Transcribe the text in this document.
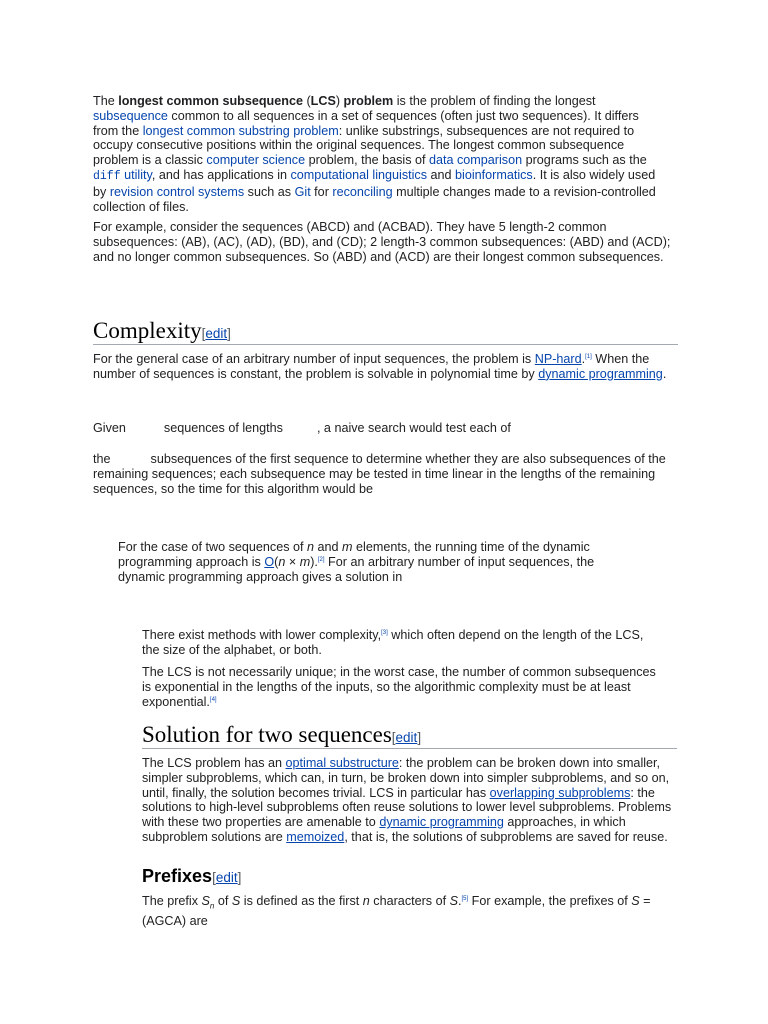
The longest common subsequence (LCS) problem is the problem of finding the longest subsequence common to all sequences in a set of sequences (often just two sequences). It differs from the longest common substring problem: unlike substrings, subsequences are not required to occupy consecutive positions within the original sequences. The longest common subsequence problem is a classic computer science problem, the basis of data comparison programs such as the diff utility, and has applications in computational linguistics and bioinformatics. It is also widely used by revision control systems such as Git for reconciling multiple changes made to a revision-controlled collection of files.

For example, consider the sequences (ABCD) and (ACBAD). They have 5 length-2 common subsequences: (AB), (AC), (AD), (BD), and (CD); 2 length-3 common subsequences: (ABD) and (ACD); and no longer common subsequences. So (ABD) and (ACD) are their longest common subsequences.

Complexity[edit]

For the general case of an arbitrary number of input sequences, the problem is NP-hard.[1] When the number of sequences is constant, the problem is solvable in polynomial time by dynamic programming.

Given	sequences of lengths	, a naive search would test each of

the	subsequences of the first sequence to determine whether they are also subsequences of the remaining sequences; each subsequence may be tested in time linear in the lengths of the remaining sequences, so the time for this algorithm would be

For the case of two sequences of n and m elements, the running time of the dynamic programming approach is O(n × m).[2] For an arbitrary number of input sequences, the dynamic programming approach gives a solution in

There exist methods with lower complexity,[3] which often depend on the length of the LCS, the size of the alphabet, or both.

The LCS is not necessarily unique; in the worst case, the number of common subsequences is exponential in the lengths of the inputs, so the algorithmic complexity must be at least exponential.[4]

Solution for two sequences[edit]

The LCS problem has an optimal substructure: the problem can be broken down into smaller, simpler subproblems, which can, in turn, be broken down into simpler subproblems, and so on, until, finally, the solution becomes trivial. LCS in particular has overlapping subproblems: the solutions to high-level subproblems often reuse solutions to lower level subproblems. Problems with these two properties are amenable to dynamic programming approaches, in which subproblem solutions are memoized, that is, the solutions of subproblems are saved for reuse.

Prefixes[edit]

The prefix $S_n$ of S is defined as the first n characters of S.[5] For example, the prefixes of S = (AGCA) are
